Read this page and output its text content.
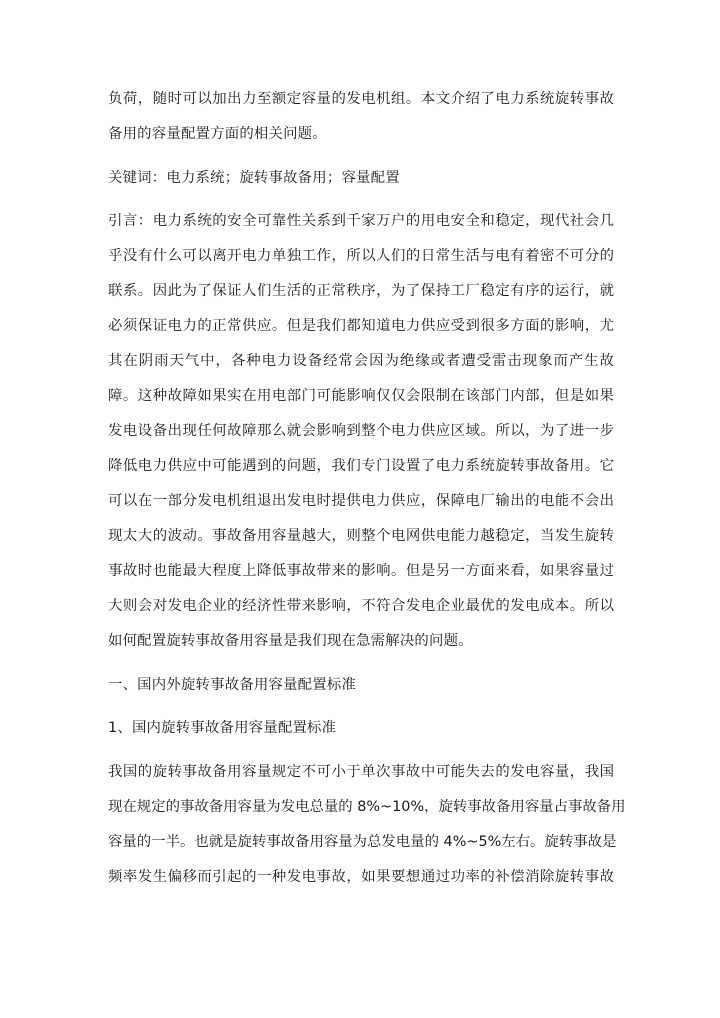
负荷，随时可以加出力至额定容量的发电机组。本文介绍了电力系统旋转事故
备用的容量配置方面的相关问题。
关键词：电力系统；旋转事故备用；容量配置
引言：电力系统的安全可靠性关系到千家万户的用电安全和稳定，现代社会几
乎没有什么可以离开电力单独工作，所以人们的日常生活与电有着密不可分的
联系。因此为了保证人们生活的正常秩序，为了保持工厂稳定有序的运行，就
必须保证电力的正常供应。但是我们都知道电力供应受到很多方面的影响，尤
其在阴雨天气中，各种电力设备经常会因为绝缘或者遭受雷击现象而产生故
障。这种故障如果实在用电部门可能影响仅仅会限制在该部门内部，但是如果
发电设备出现任何故障那么就会影响到整个电力供应区域。所以，为了进一步
降低电力供应中可能遇到的问题，我们专门设置了电力系统旋转事故备用。它
可以在一部分发电机组退出发电时提供电力供应，保障电厂输出的电能不会出
现太大的波动。事故备用容量越大，则整个电网供电能力越稳定，当发生旋转
事故时也能最大程度上降低事故带来的影响。但是另一方面来看，如果容量过
大则会对发电企业的经济性带来影响，不符合发电企业最优的发电成本。所以
如何配置旋转事故备用容量是我们现在急需解决的问题。
一、国内外旋转事故备用容量配置标准
1、国内旋转事故备用容量配置标准
我国的旋转事故备用容量规定不可小于单次事故中可能失去的发电容量，我国
现在规定的事故备用容量为发电总量的 8%~10%，旋转事故备用容量占事故备用
容量的一半。也就是旋转事故备用容量为总发电量的 4%~5%左右。旋转事故是
频率发生偏移而引起的一种发电事故，如果要想通过功率的补偿消除旋转事故
